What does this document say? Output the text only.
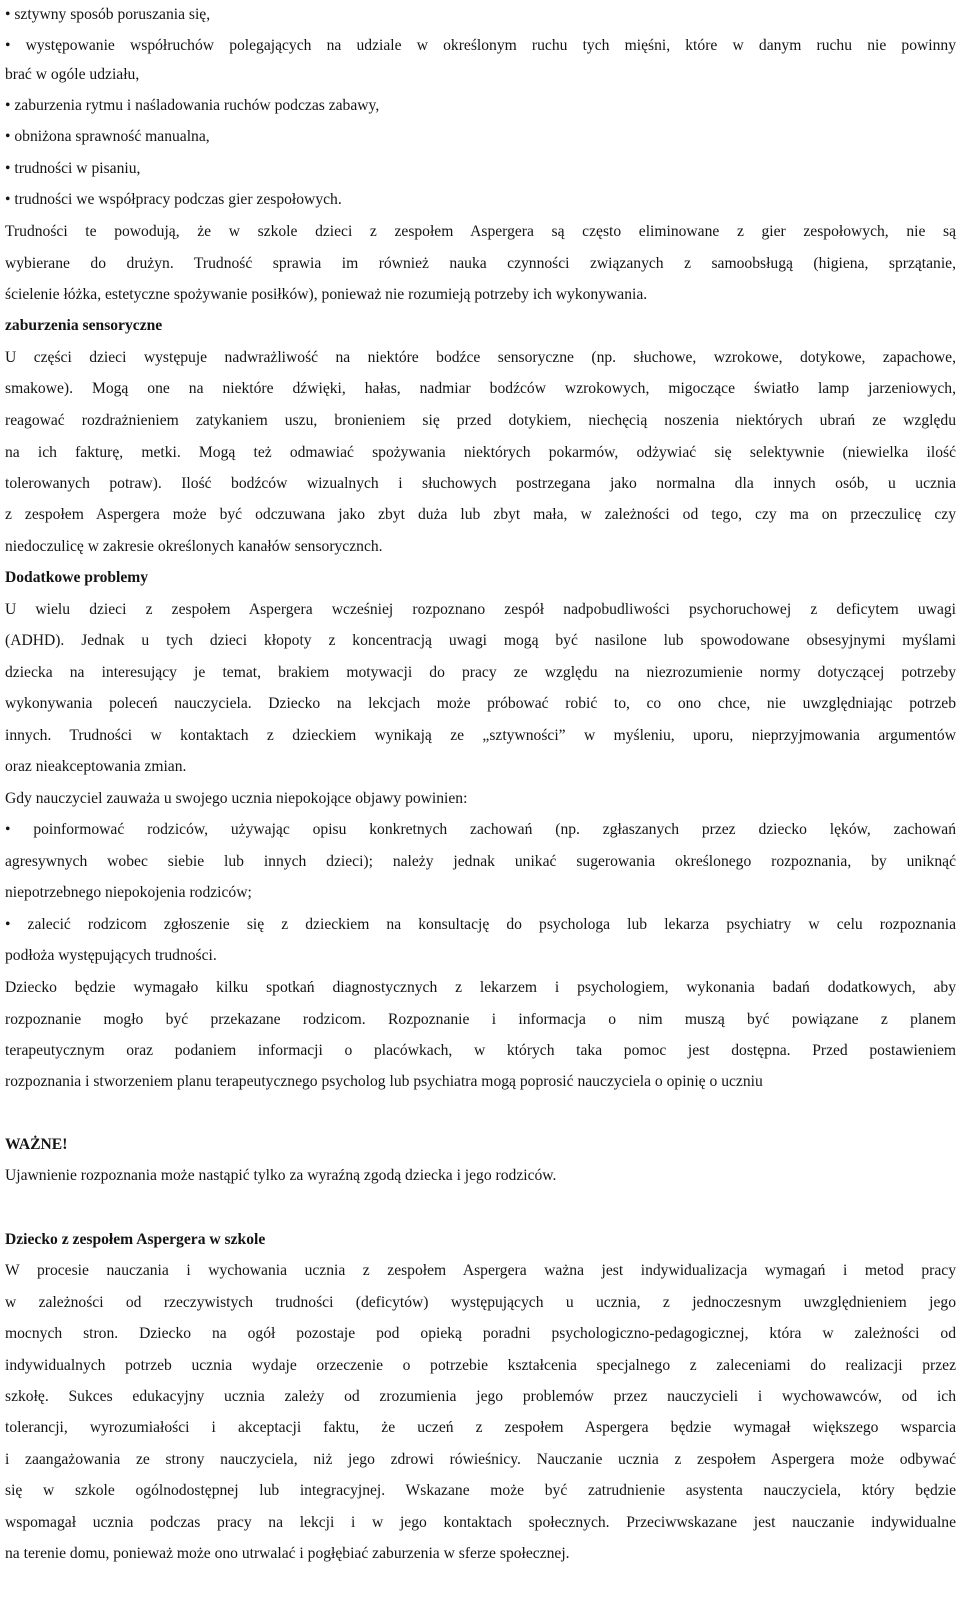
• sztywny sposób poruszania się,
• występowanie współruchów polegających na udziale w określonym ruchu tych mięśni, które w danym ruchu nie powinny
brać w ogóle udziału,
• zaburzenia rytmu i naśladowania ruchów podczas zabawy,
• obniżona sprawność manualna,
• trudności w pisaniu,
• trudności we współpracy podczas gier zespołowych.
Trudności te powodują, że w szkole dzieci z zespołem Aspergera są często eliminowane z gier zespołowych, nie są
wybierane do drużyn. Trudność sprawia im również nauka czynności związanych z samoobsługą (higiena, sprzątanie,
ścielenie łóżka, estetyczne spożywanie posiłków), ponieważ nie rozumieją potrzeby ich wykonywania.
zaburzenia sensoryczne
U części dzieci występuje nadwrażliwość na niektóre bodźce sensoryczne (np. słuchowe, wzrokowe, dotykowe, zapachowe,
smakowe). Mogą one na niektóre dźwięki, hałas, nadmiar bodźców wzrokowych, migoczące światło lamp jarzeniowych,
reagować rozdrażnieniem zatykaniem uszu, bronieniem się przed dotykiem, niechęcią noszenia niektórych ubrań ze względu
na ich fakturę, metki. Mogą też odmawiać spożywania niektórych pokarmów, odżywiać się selektywnie (niewielka ilość
tolerowanych potraw). Ilość bodźców wizualnych i słuchowych postrzegana jako normalna dla innych osób, u ucznia
z zespołem Aspergera może być odczuwana jako zbyt duża lub zbyt mała, w zależności od tego, czy ma on przeczulicę czy
niedoczulicę w zakresie określonych kanałów sensorycznch.
Dodatkowe problemy
U wielu dzieci z zespołem Aspergera wcześniej rozpoznano zespół nadpobudliwości psychoruchowej z deficytem uwagi
(ADHD). Jednak u tych dzieci kłopoty z koncentracją uwagi mogą być nasilone lub spowodowane obsesyjnymi myślami
dziecka na interesujący je temat, brakiem motywacji do pracy ze względu na niezrozumienie normy dotyczącej potrzeby
wykonywania poleceń nauczyciela. Dziecko na lekcjach może próbować robić to, co ono chce, nie uwzględniając potrzeb
innych. Trudności w kontaktach z dzieckiem wynikają ze „sztywności” w myśleniu, uporu, nieprzyjmowania argumentów
oraz nieakceptowania zmian.
Gdy nauczyciel zauważa u swojego ucznia niepokojące objawy powinien:
• poinformować rodziców, używając opisu konkretnych zachowań (np. zgłaszanych przez dziecko lęków, zachowań
agresywnych wobec siebie lub innych dzieci); należy jednak unikać sugerowania określonego rozpoznania, by uniknąć
niepotrzebnego niepokojenia rodziców;
• zalecić rodzicom zgłoszenie się z dzieckiem na konsultację do psychologa lub lekarza psychiatry w celu rozpoznania
podłoża występujących trudności.
Dziecko będzie wymagało kilku spotkań diagnostycznych z lekarzem i psychologiem, wykonania badań dodatkowych, aby
rozpoznanie mogło być przekazane rodzicom. Rozpoznanie i informacja o nim muszą być powiązane z planem
terapeutycznym oraz podaniem informacji o placówkach, w których taka pomoc jest dostępna. Przed postawieniem
rozpoznania i stworzeniem planu terapeutycznego psycholog lub psychiatra mogą poprosić nauczyciela o opinię o uczniu
WAŻNE!
Ujawnienie rozpoznania może nastąpić tylko za wyraźną zgodą dziecka i jego rodziców.
Dziecko z zespołem Aspergera w szkole
W procesie nauczania i wychowania ucznia z zespołem Aspergera ważna jest indywidualizacja wymagań i metod pracy
w zależności od rzeczywistych trudności (deficytów) występujących u ucznia, z jednoczesnym uwzględnieniem jego
mocnych stron. Dziecko na ogół pozostaje pod opieką poradni psychologiczno-pedagogicznej, która w zależności od
indywidualnych potrzeb ucznia wydaje orzeczenie o potrzebie kształcenia specjalnego z zaleceniami do realizacji przez
szkołę. Sukces edukacyjny ucznia zależy od zrozumienia jego problemów przez nauczycieli i wychowawców, od ich
tolerancji, wyrozumiałości i akceptacji faktu, że uczeń z zespołem Aspergera będzie wymagał większego wsparcia
i zaangażowania ze strony nauczyciela, niż jego zdrowi rówieśnicy. Nauczanie ucznia z zespołem Aspergera może odbywać
się w szkole ogólnodostępnej lub integracyjnej. Wskazane może być zatrudnienie asystenta nauczyciela, który będzie
wspomagał ucznia podczas pracy na lekcji i w jego kontaktach społecznych. Przeciwwskazane jest nauczanie indywidualne
na terenie domu, ponieważ może ono utrwalać i pogłębiać zaburzenia w sferze społecznej.
